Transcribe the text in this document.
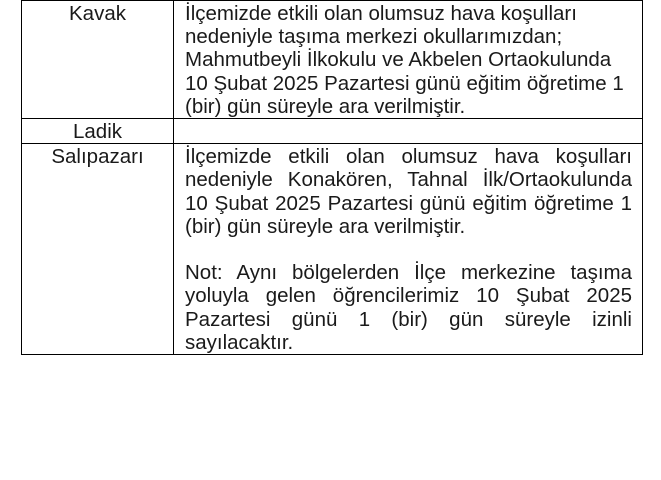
Kavak	İlçemizde etkili olan olumsuz hava koşulları nedeniyle taşıma merkezi okullarımızdan; Mahmutbeyli İlkokulu ve Akbelen Ortaokulunda 10 Şubat 2025 Pazartesi günü eğitim öğretime 1 (bir) gün süreyle ara verilmiştir.

Ladik	
Salıpazarı	İlçemizde etkili olan olumsuz hava koşulları nedeniyle Konakören, Tahnal İlk/Ortaokulunda 10 Şubat 2025 Pazartesi günü eğitim öğretime 1 (bir) gün süreyle ara verilmiştir.

Not: Aynı bölgelerden İlçe merkezine taşıma yoluyla gelen öğrencilerimiz 10 Şubat 2025 Pazartesi günü 1 (bir) gün süreyle izinli sayılacaktır.
